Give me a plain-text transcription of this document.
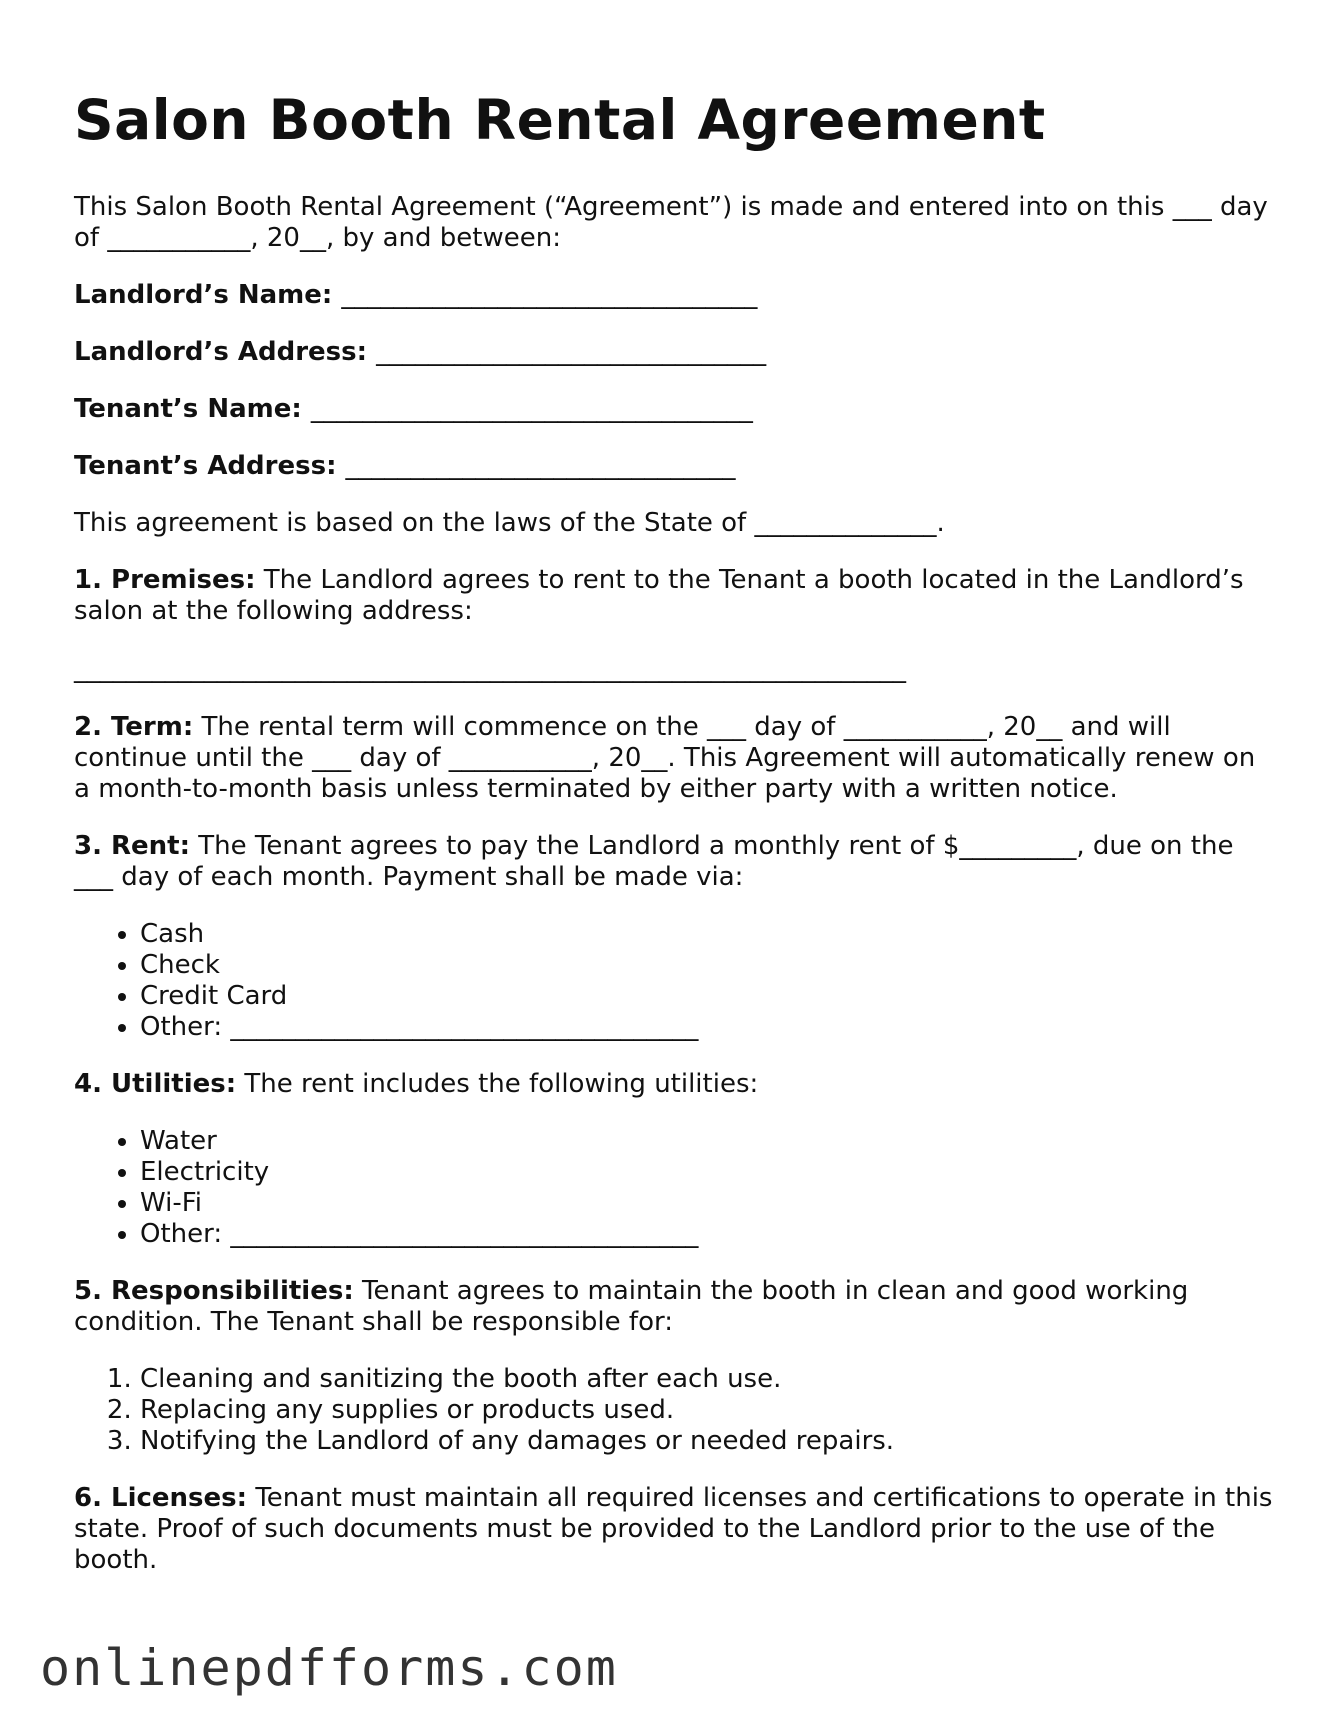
Salon Booth Rental Agreement

This Salon Booth Rental Agreement (“Agreement”) is made and entered into on this ___ day of ___________, 20__, by and between:

Landlord’s Name: ________________________________
Landlord’s Address: ______________________________
Tenant’s Name: __________________________________
Tenant’s Address: ______________________________

This agreement is based on the laws of the State of ______________.

1. Premises: The Landlord agrees to rent to the Tenant a booth located in the Landlord’s salon at the following address:

________________________________________________________________

2. Term: The rental term will commence on the ___ day of ___________, 20__ and will continue until the ___ day of ___________, 20__. This Agreement will automatically renew on a month-to-month basis unless terminated by either party with a written notice.

3. Rent: The Tenant agrees to pay the Landlord a monthly rent of $_________, due on the ___ day of each month. Payment shall be made via:

• Cash
• Check
• Credit Card
• Other: ____________________________________

4. Utilities: The rent includes the following utilities:

• Water
• Electricity
• Wi-Fi
• Other: ____________________________________

5. Responsibilities: Tenant agrees to maintain the booth in clean and good working condition. The Tenant shall be responsible for:

1. Cleaning and sanitizing the booth after each use.
2. Replacing any supplies or products used.
3. Notifying the Landlord of any damages or needed repairs.

6. Licenses: Tenant must maintain all required licenses and certifications to operate in this state. Proof of such documents must be provided to the Landlord prior to the use of the booth.

onlinepdfforms.com
